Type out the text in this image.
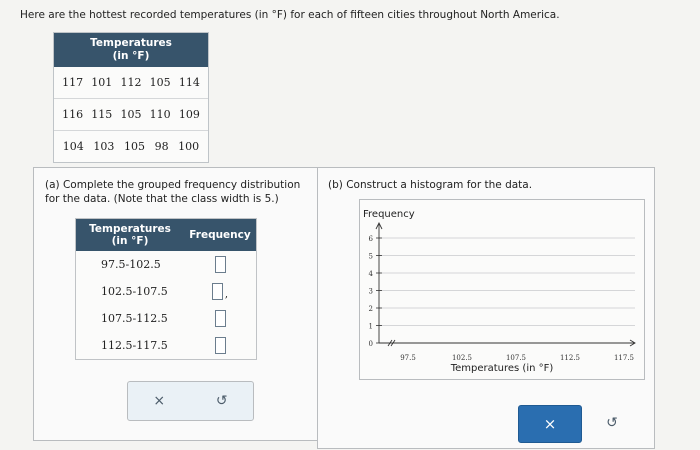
Here are the hottest recorded temperatures (in °F) for each of fifteen cities throughout North America.
Temperatures
(in °F)
117 101 112 105 114
116 115 105 110 109
104 103 105 98 100
(a) Complete the grouped frequency distribution for the data. (Note that the class width is 5.)
Temperatures
(in °F)	Frequency
97.5-102.5
102.5-107.5	,
107.5-112.5
112.5-117.5
×	↺
(b) Construct a histogram for the data.
Frequency
0
1
2
3
4
5
6
97.5	102.5	107.5	112.5	117.5
Temperatures (in °F)
×	↺
